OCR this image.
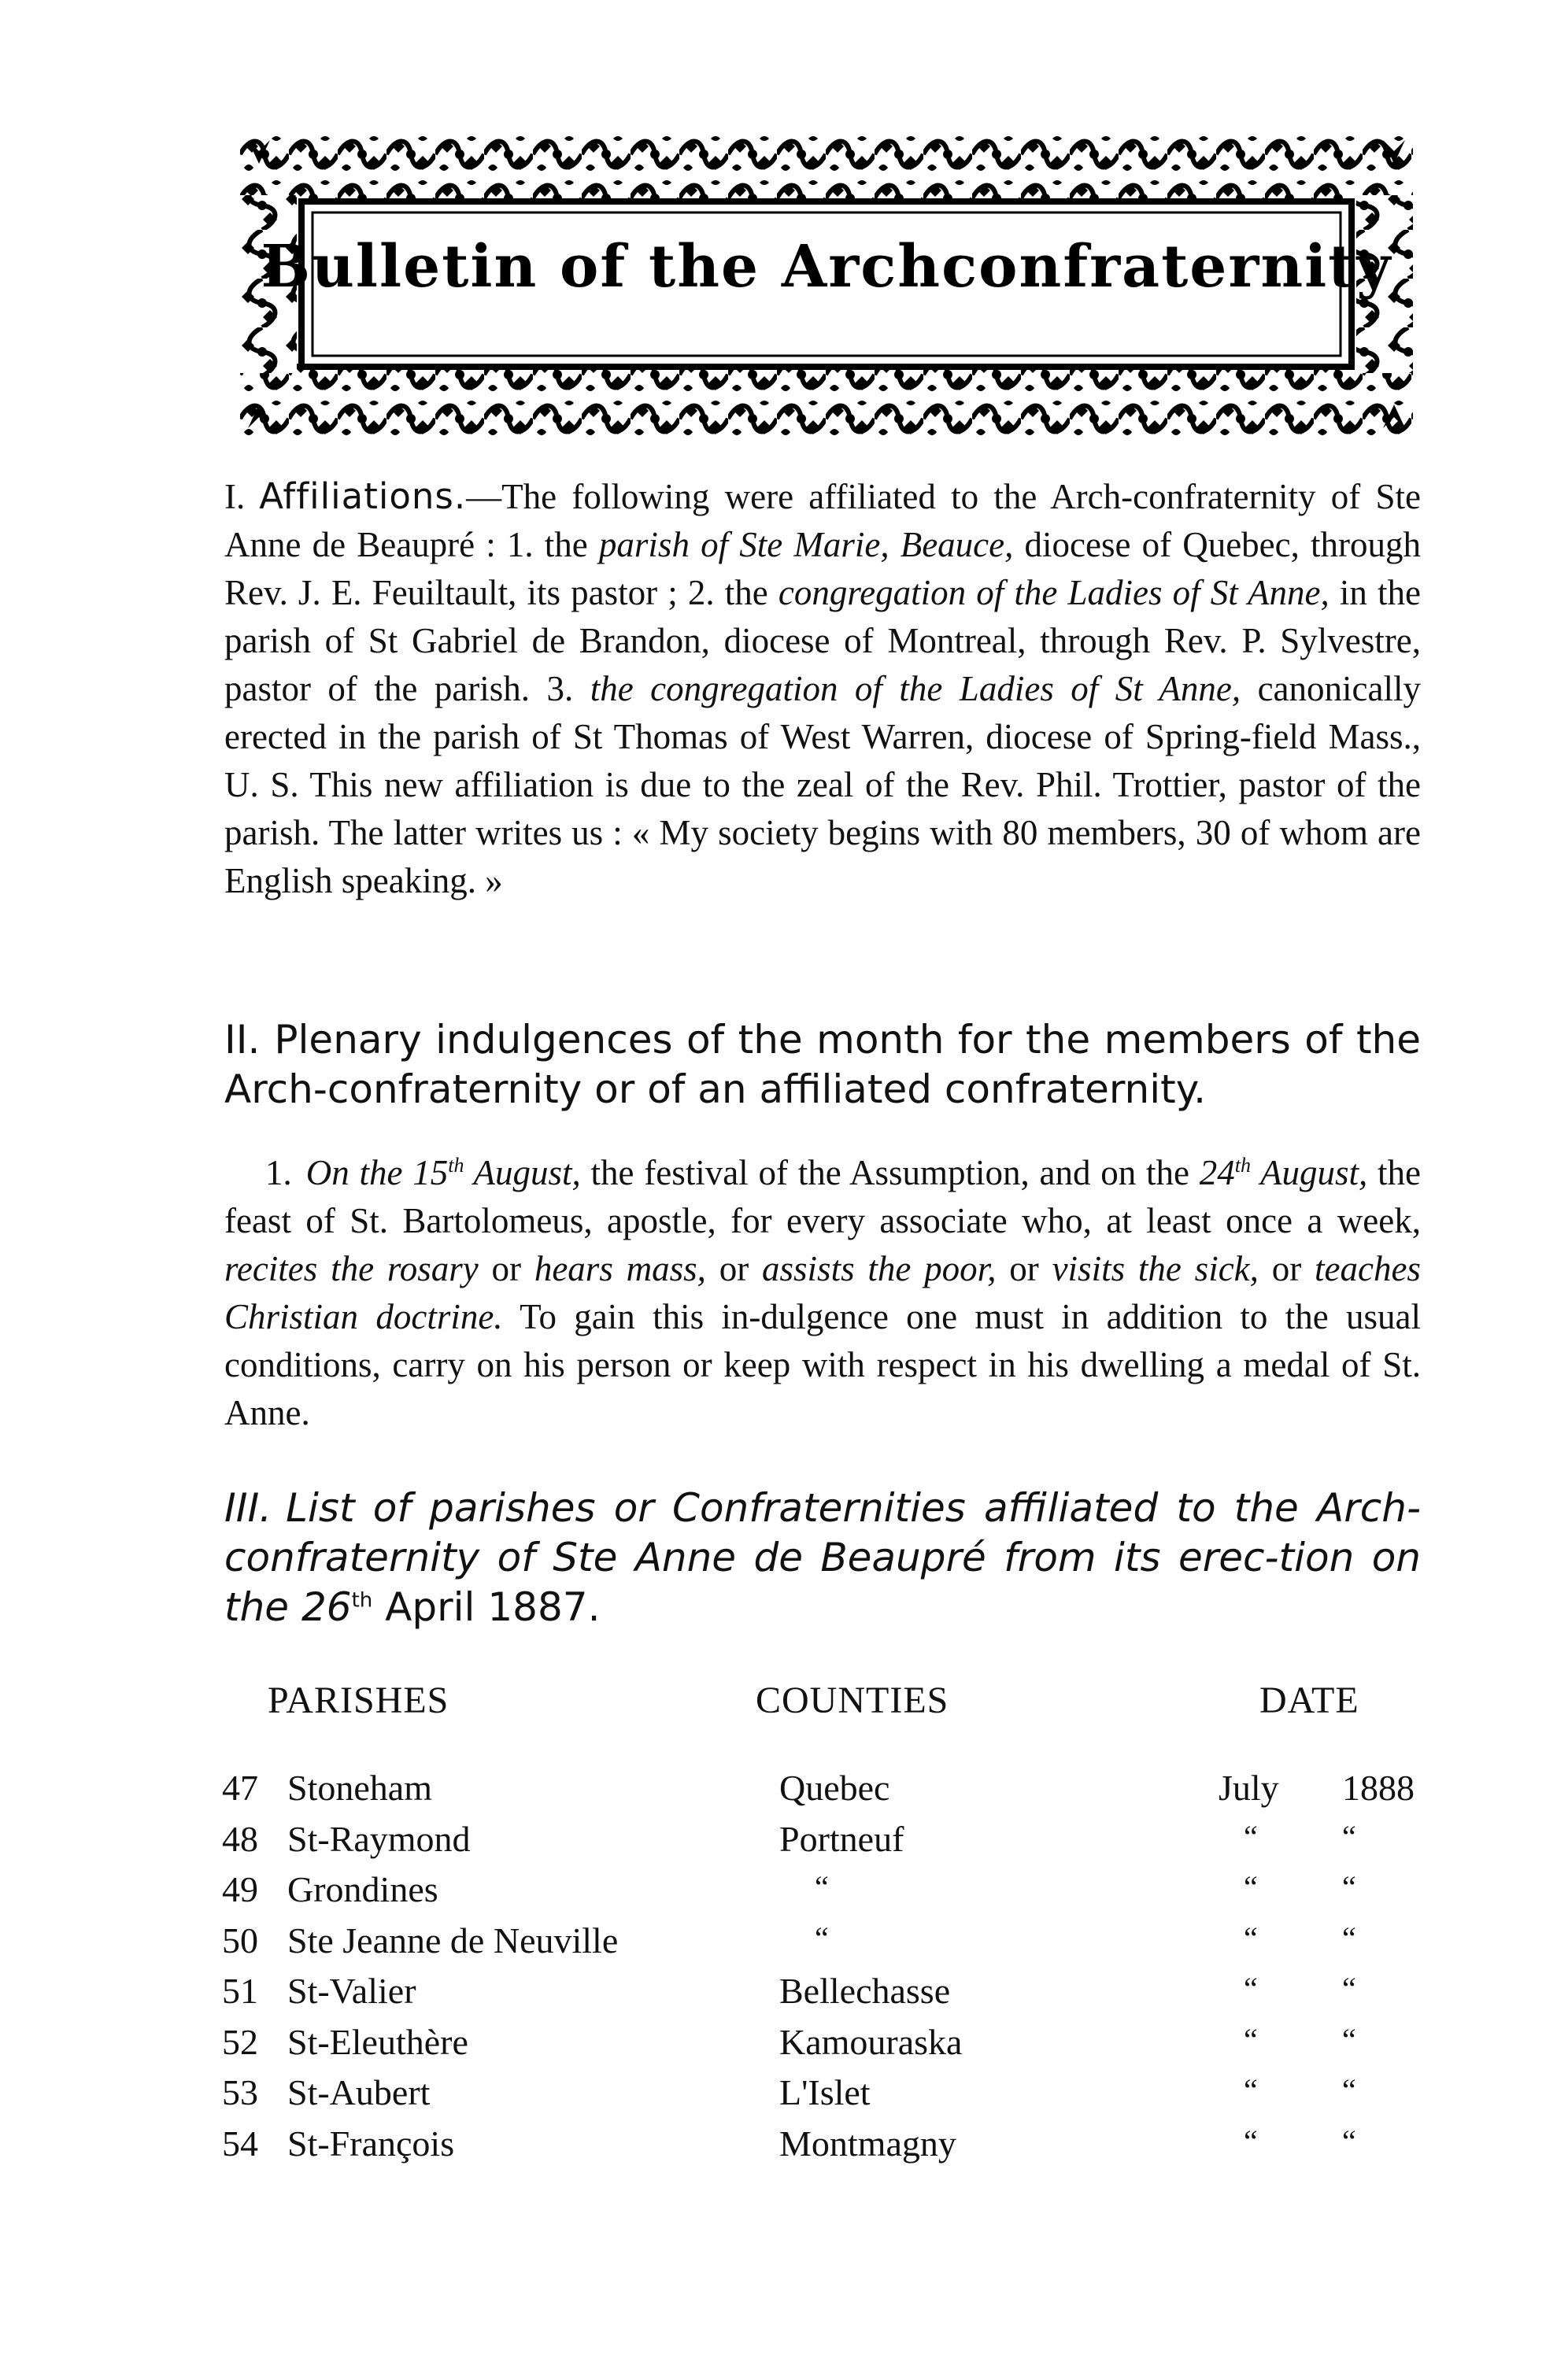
Bulletin of the Archconfraternity

I. Affiliations.—The following were affiliated to the Arch-confraternity of Ste Anne de Beaupré : 1. the parish of Ste Marie, Beauce, diocese of Quebec, through Rev. J. E. Feuiltault, its pastor ; 2. the congregation of the Ladies of St Anne, in the parish of St Gabriel de Brandon, diocese of Montreal, through Rev. P. Sylvestre, pastor of the parish. 3. the congregation of the Ladies of St Anne, canonically erected in the parish of St Thomas of West Warren, diocese of Spring-field Mass., U. S. This new affiliation is due to the zeal of the Rev. Phil. Trottier, pastor of the parish. The latter writes us : « My society begins with 80 members, 30 of whom are English speaking. »

II. Plenary indulgences of the month for the members of the Arch-confraternity or of an affiliated confraternity.

1. On the 15th August, the festival of the Assumption, and on the 24th August, the feast of St. Bartolomeus, apostle, for every associate who, at least once a week, recites the rosary or hears mass, or assists the poor, or visits the sick, or teaches Christian doctrine. To gain this in-dulgence one must in addition to the usual conditions, carry on his person or keep with respect in his dwelling a medal of St. Anne.

III. List of parishes or Confraternities affiliated to the Arch-confraternity of Ste Anne de Beaupré from its erec-tion on the 26th April 1887.

PARISHES	COUNTIES	DATE
47 Stoneham	Quebec	July 1888
48 St-Raymond	Portneuf	“	“
49 Grondines	“	“	“
50 Ste Jeanne de Neuville	“	“	“
51 St-Valier	Bellechasse	“	“
52 St-Eleuthère	Kamouraska	“	“
53 St-Aubert	L'Islet	“	“
54 St-François	Montmagny	“	“
